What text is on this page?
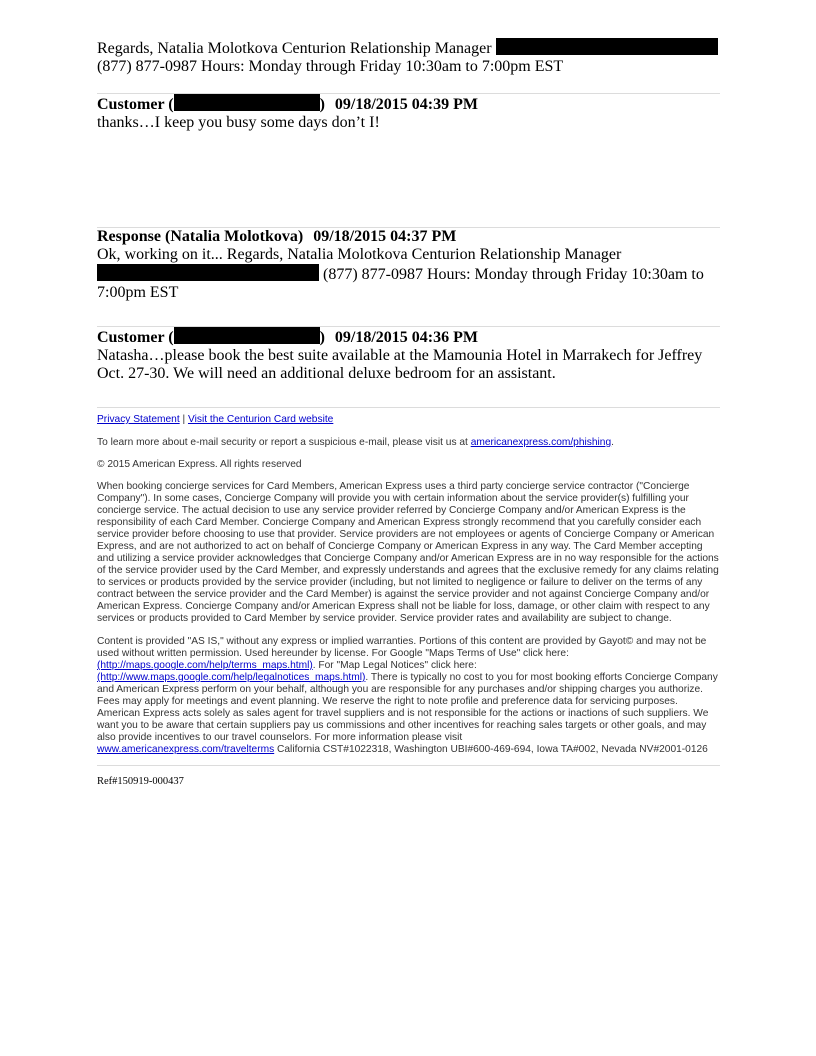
Regards, Natalia Molotkova Centurion Relationship Manager
(877) 877-0987 Hours: Monday through Friday 10:30am to 7:00pm EST
Customer (	) 09/18/2015 04:39 PM
thanks…I keep you busy some days don’t I!
Response (Natalia Molotkova) 09/18/2015 04:37 PM
Ok, working on it... Regards, Natalia Molotkova Centurion Relationship Manager
(877) 877-0987 Hours: Monday through Friday 10:30am to
7:00pm EST
Customer (	) 09/18/2015 04:36 PM
Natasha…please book the best suite available at the Mamounia Hotel in Marrakech for Jeffrey
Oct. 27-30. We will need an additional deluxe bedroom for an assistant.
Privacy Statement | Visit the Centurion Card website
To learn more about e-mail security or report a suspicious e-mail, please visit us at americanexpress.com/phishing.
© 2015 American Express. All rights reserved
When booking concierge services for Card Members, American Express uses a third party concierge service contractor ("Concierge Company"). In some cases, Concierge Company will provide you with certain information about the service provider(s) fulfilling your concierge service. The actual decision to use any service provider referred by Concierge Company and/or American Express is the responsibility of each Card Member. Concierge Company and American Express strongly recommend that you carefully consider each service provider before choosing to use that provider. Service providers are not employees or agents of Concierge Company or American Express, and are not authorized to act on behalf of Concierge Company or American Express in any way. The Card Member accepting and utilizing a service provider acknowledges that Concierge Company and/or American Express are in no way responsible for the actions of the service provider used by the Card Member, and expressly understands and agrees that the exclusive remedy for any claims relating to services or products provided by the service provider (including, but not limited to negligence or failure to deliver on the terms of any contract between the service provider and the Card Member) is against the service provider and not against Concierge Company and/or American Express. Concierge Company and/or American Express shall not be liable for loss, damage, or other claim with respect to any services or products provided to Card Member by service provider. Service provider rates and availability are subject to change.
Content is provided "AS IS," without any express or implied warranties. Portions of this content are provided by Gayot© and may not be used without written permission. Used hereunder by license. For Google "Maps Terms of Use" click here:
(http://maps.google.com/help/terms_maps.html). For "Map Legal Notices" click here:
(http://www.maps.google.com/help/legalnotices_maps.html). There is typically no cost to you for most booking efforts Concierge Company and American Express perform on your behalf, although you are responsible for any purchases and/or shipping charges you authorize. Fees may apply for meetings and event planning. We reserve the right to note profile and preference data for servicing purposes. American Express acts solely as sales agent for travel suppliers and is not responsible for the actions or inactions of such suppliers. We want you to be aware that certain suppliers pay us commissions and other incentives for reaching sales targets or other goals, and may also provide incentives to our travel counselors. For more information please visit
www.americanexpress.com/travelterms California CST#1022318, Washington UBI#600-469-694, Iowa TA#002, Nevada NV#2001-0126
Ref#150919-000437
